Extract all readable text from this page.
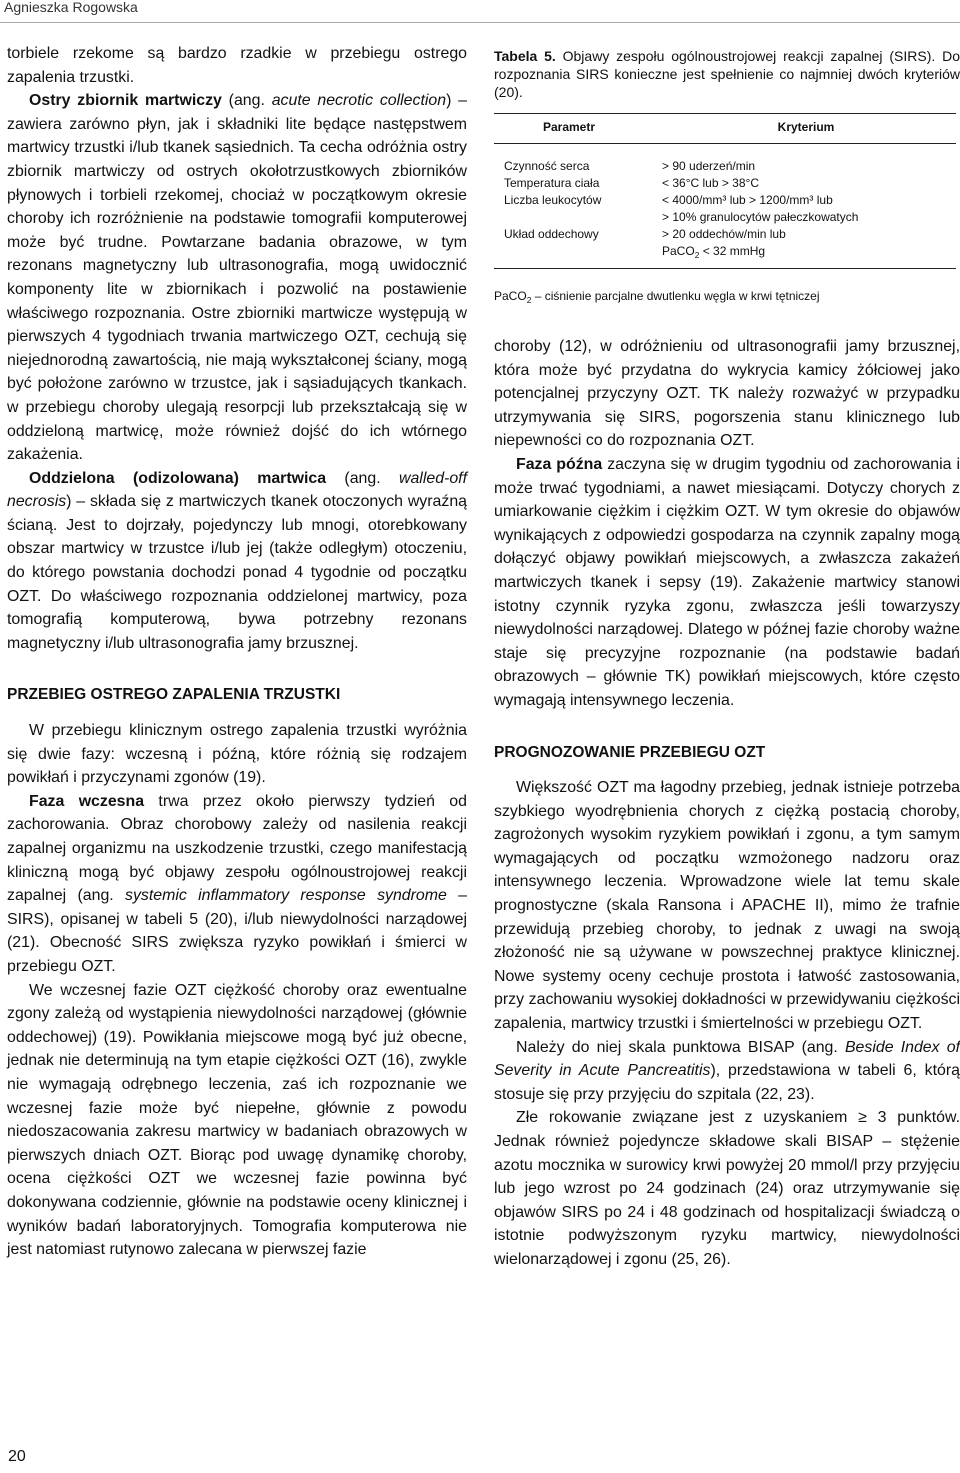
Agnieszka Rogowska

torbiele rzekome są bardzo rzadkie w przebiegu ostrego zapalenia trzustki.

Ostry zbiornik martwiczy (ang. acute necrotic collection) – zawiera zarówno płyn, jak i składniki lite będące następstwem martwicy trzustki i/lub tkanek sąsiednich. Ta cecha odróżnia ostry zbiornik martwiczy od ostrych okołotrzustkowych zbiorników płynowych i torbieli rzekomej, chociaż w początkowym okresie choroby ich rozróżnienie na podstawie tomografii komputerowej może być trudne. Powtarzane badania obrazowe, w tym rezonans magnetyczny lub ultrasonografia, mogą uwidocznić komponenty lite w zbiornikach i pozwolić na postawienie właściwego rozpoznania. Ostre zbiorniki martwicze występują w pierwszych 4 tygodniach trwania martwiczego OZT, cechują się niejednorodną zawartością, nie mają wykształconej ściany, mogą być położone zarówno w trzustce, jak i sąsiadujących tkankach. w przebiegu choroby ulegają resorpcji lub przekształcają się w oddzieloną martwicę, może również dojść do ich wtórnego zakażenia.

Oddzielona (odizolowana) martwica (ang. walled-off necrosis) – składa się z martwiczych tkanek otoczonych wyraźną ścianą. Jest to dojrzały, pojedynczy lub mnogi, otorebkowany obszar martwicy w trzustce i/lub jej (także odległym) otoczeniu, do którego powstania dochodzi ponad 4 tygodnie od początku OZT. Do właściwego rozpoznania oddzielonej martwicy, poza tomografią komputerową, bywa potrzebny rezonans magnetyczny i/lub ultrasonografia jamy brzusznej.

PRZEBIEG OSTREGO ZAPALENIA TRZUSTKI

W przebiegu klinicznym ostrego zapalenia trzustki wyróżnia się dwie fazy: wczesną i późną, które różnią się rodzajem powikłań i przyczynami zgonów (19).

Faza wczesna trwa przez około pierwszy tydzień od zachorowania. Obraz chorobowy zależy od nasilenia reakcji zapalnej organizmu na uszkodzenie trzustki, czego manifestacją kliniczną mogą być objawy zespołu ogólnoustrojowej reakcji zapalnej (ang. systemic inflammatory response syndrome – SIRS), opisanej w tabeli 5 (20), i/lub niewydolności narządowej (21). Obecność SIRS zwiększa ryzyko powikłań i śmierci w przebiegu OZT.

We wczesnej fazie OZT ciężkość choroby oraz ewentualne zgony zależą od wystąpienia niewydolności narządowej (głównie oddechowej) (19). Powikłania miejscowe mogą być już obecne, jednak nie determinują na tym etapie ciężkości OZT (16), zwykle nie wymagają odrębnego leczenia, zaś ich rozpoznanie we wczesnej fazie może być niepełne, głównie z powodu niedoszacowania zakresu martwicy w badaniach obrazowych w pierwszych dniach OZT. Biorąc pod uwagę dynamikę choroby, ocena ciężkości OZT we wczesnej fazie powinna być dokonywana codziennie, głównie na podstawie oceny klinicznej i wyników badań laboratoryjnych. Tomografia komputerowa nie jest natomiast rutynowo zalecana w pierwszej fazie

Tabela 5. Objawy zespołu ogólnoustrojowej reakcji zapalnej (SIRS). Do rozpoznania SIRS konieczne jest spełnienie co najmniej dwóch kryteriów (20).

Parametr	Kryterium
Czynność serca
Temperatura ciała
Liczba leukocytów
Układ oddechowy
> 90 uderzeń/min
< 36°C lub > 38°C
< 4000/mm³ lub > 1200/mm³ lub
> 10% granulocytów pałeczkowatych
> 20 oddechów/min lub
PaCO$_2$ < 32 mmHg
PaCO$_2$ – ciśnienie parcjalne dwutlenku węgla w krwi tętniczej

choroby (12), w odróżnieniu od ultrasonografii jamy brzusznej, która może być przydatna do wykrycia kamicy żółciowej jako potencjalnej przyczyny OZT. TK należy rozważyć w przypadku utrzymywania się SIRS, pogorszenia stanu klinicznego lub niepewności co do rozpoznania OZT.

Faza późna zaczyna się w drugim tygodniu od zachorowania i może trwać tygodniami, a nawet miesiącami. Dotyczy chorych z umiarkowanie ciężkim i ciężkim OZT. W tym okresie do objawów wynikających z odpowiedzi gospodarza na czynnik zapalny mogą dołączyć objawy powikłań miejscowych, a zwłaszcza zakażeń martwiczych tkanek i sepsy (19). Zakażenie martwicy stanowi istotny czynnik ryzyka zgonu, zwłaszcza jeśli towarzyszy niewydolności narządowej. Dlatego w późnej fazie choroby ważne staje się precyzyjne rozpoznanie (na podstawie badań obrazowych – głównie TK) powikłań miejscowych, które często wymagają intensywnego leczenia.

PROGNOZOWANIE PRZEBIEGU OZT

Większość OZT ma łagodny przebieg, jednak istnieje potrzeba szybkiego wyodrębnienia chorych z ciężką postacią choroby, zagrożonych wysokim ryzykiem powikłań i zgonu, a tym samym wymagających od początku wzmożonego nadzoru oraz intensywnego leczenia. Wprowadzone wiele lat temu skale prognostyczne (skala Ransona i APACHE II), mimo że trafnie przewidują przebieg choroby, to jednak z uwagi na swoją złożoność nie są używane w powszechnej praktyce klinicznej. Nowe systemy oceny cechuje prostota i łatwość zastosowania, przy zachowaniu wysokiej dokładności w przewidywaniu ciężkości zapalenia, martwicy trzustki i śmiertelności w przebiegu OZT.

Należy do niej skala punktowa BISAP (ang. Beside Index of Severity in Acute Pancreatitis), przedstawiona w tabeli 6, którą stosuje się przy przyjęciu do szpitala (22, 23).

Złe rokowanie związane jest z uzyskaniem ≥ 3 punktów. Jednak również pojedyncze składowe skali BISAP – stężenie azotu mocznika w surowicy krwi powyżej 20 mmol/l przy przyjęciu lub jego wzrost po 24 godzinach (24) oraz utrzymywanie się objawów SIRS po 24 i 48 godzinach od hospitalizacji świadczą o istotnie podwyższonym ryzyku martwicy, niewydolności wielonarządowej i zgonu (25, 26).

20
